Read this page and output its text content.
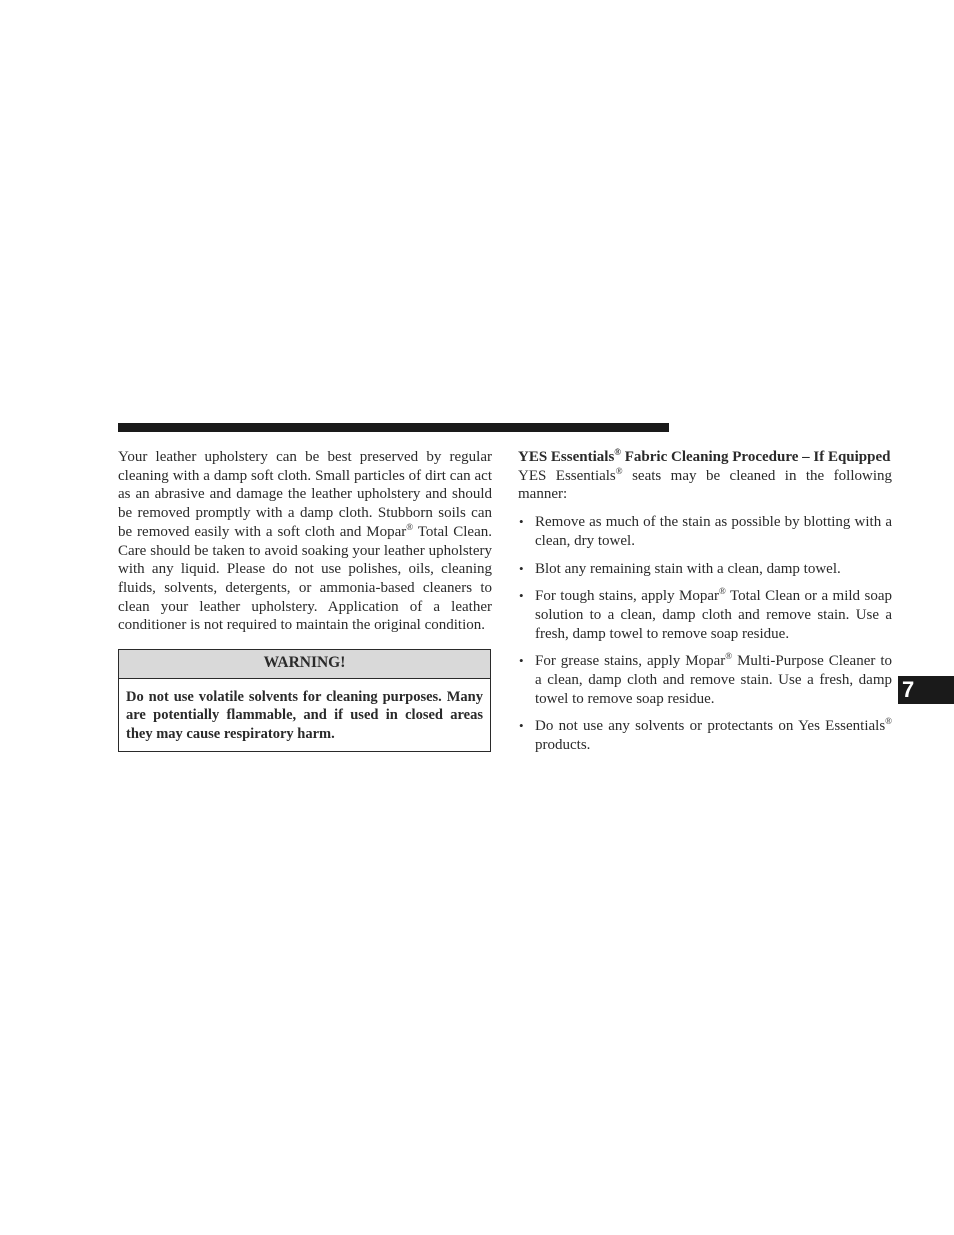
Your leather upholstery can be best preserved by regular cleaning with a damp soft cloth. Small particles of dirt can act as an abrasive and damage the leather upholstery and should be removed promptly with a damp cloth. Stubborn soils can be removed easily with a soft cloth and Mopar® Total Clean. Care should be taken to avoid soaking your leather upholstery with any liquid. Please do not use polishes, oils, cleaning fluids, solvents, detergents, or ammonia-based cleaners to clean your leather upholstery. Application of a leather conditioner is not required to maintain the original condition.

WARNING!
Do not use volatile solvents for cleaning purposes. Many are potentially flammable, and if used in closed areas they may cause respiratory harm.

YES Essentials® Fabric Cleaning Procedure – If Equipped

YES Essentials® seats may be cleaned in the following manner:

• Remove as much of the stain as possible by blotting with a clean, dry towel.
• Blot any remaining stain with a clean, damp towel.
• For tough stains, apply Mopar® Total Clean or a mild soap solution to a clean, damp cloth and remove stain. Use a fresh, damp towel to remove soap residue.
• For grease stains, apply Mopar® Multi-Purpose Cleaner to a clean, damp cloth and remove stain. Use a fresh, damp towel to remove soap residue.
• Do not use any solvents or protectants on Yes Essentials® products.
7
